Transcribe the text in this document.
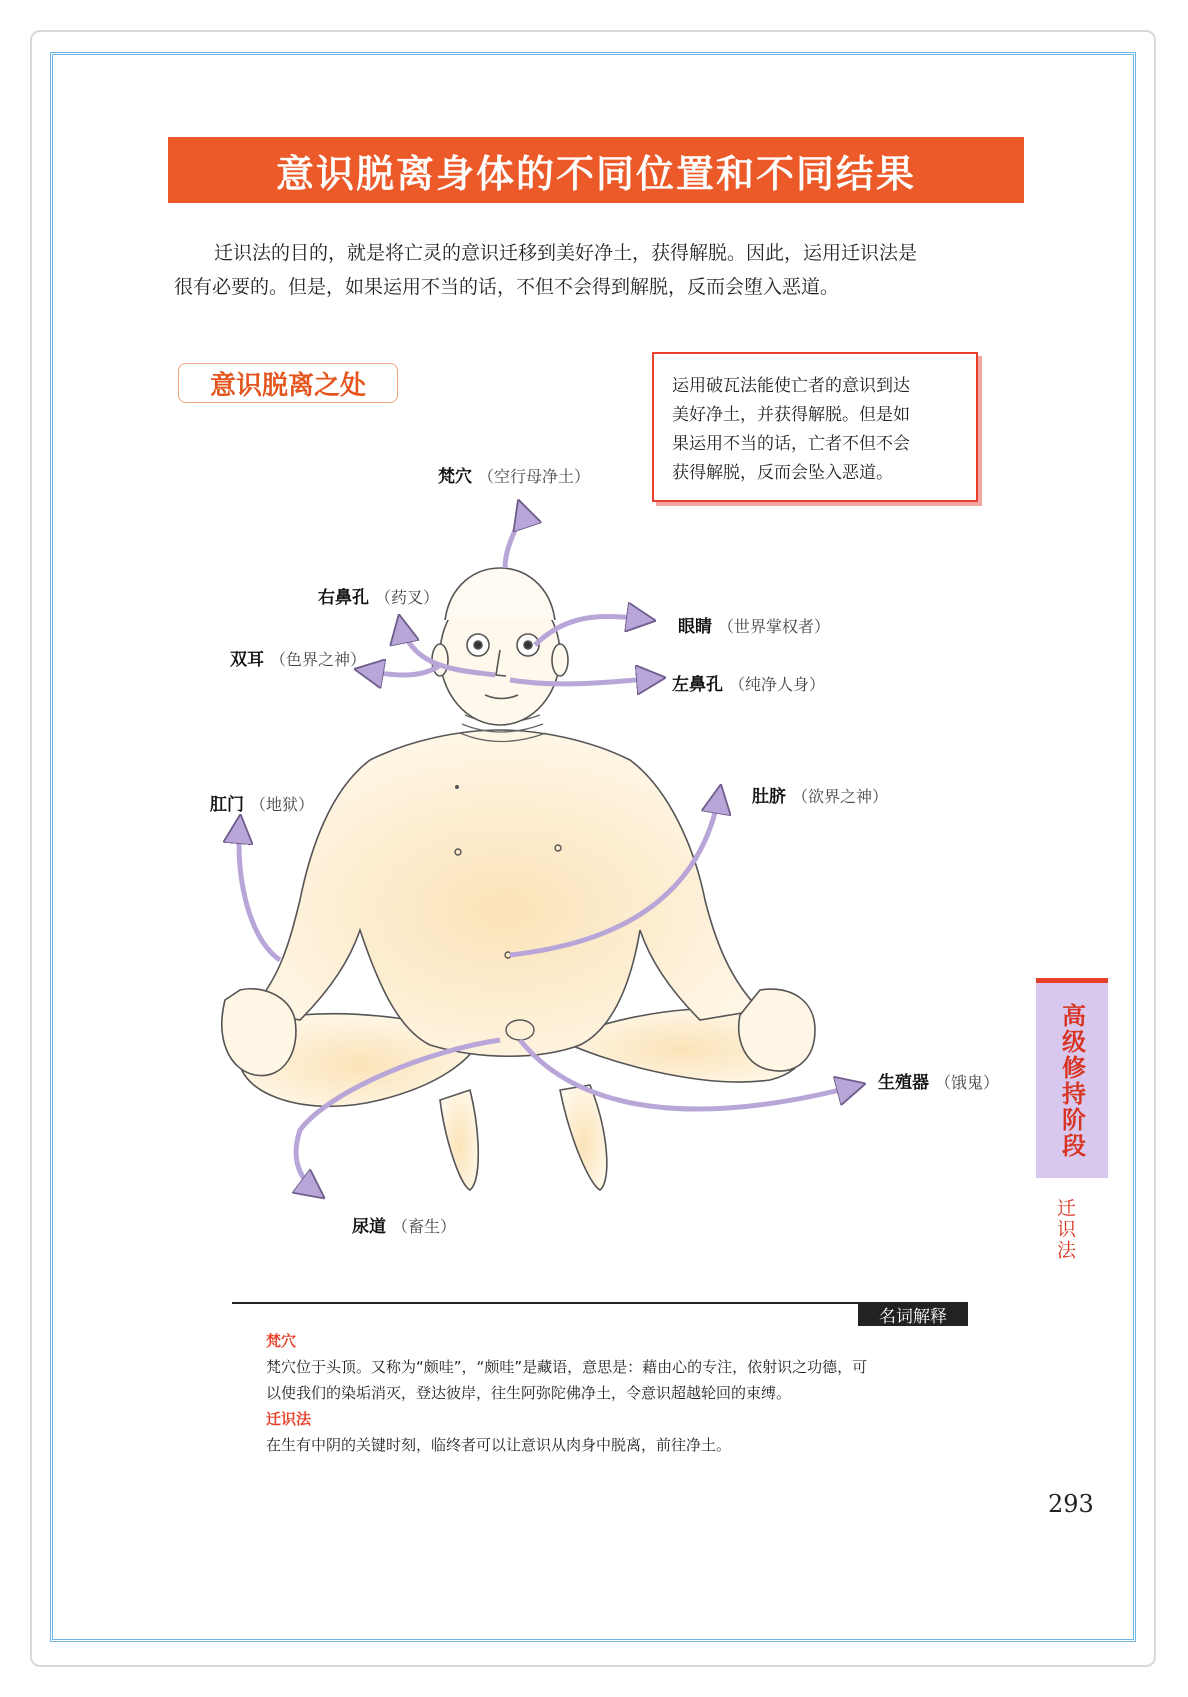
意识脱离身体的不同位置和不同结果

迁识法的目的，就是将亡灵的意识迁移到美好净土，获得解脱。因此，运用迁识法是
很有必要的。但是，如果运用不当的话，不但不会得到解脱，反而会堕入恶道。

意识脱离之处	运用破瓦法能使亡者的意识到达
美好净土，并获得解脱。但是如
果运用不当的话，亡者不但不会
获得解脱，反而会坠入恶道。
梵穴 （空行母净土）
右鼻孔 （药叉）
眼睛 （世界掌权者）
双耳 （色界之神）
左鼻孔 （纯净人身）
肛门 （地狱）	肚脐 （欲界之神）
生殖器 （饿鬼）
尿道 （畜生）
高级修持阶段
迁识法
名词解释

梵穴

梵穴位于头顶。又称为“颇哇”，“颇哇”是藏语，意思是：藉由心的专注，依射识之功德，可

以使我们的染垢消灭，登达彼岸，往生阿弥陀佛净土，令意识超越轮回的束缚。

迁识法

在生有中阴的关键时刻，临终者可以让意识从肉身中脱离，前往净土。

293
